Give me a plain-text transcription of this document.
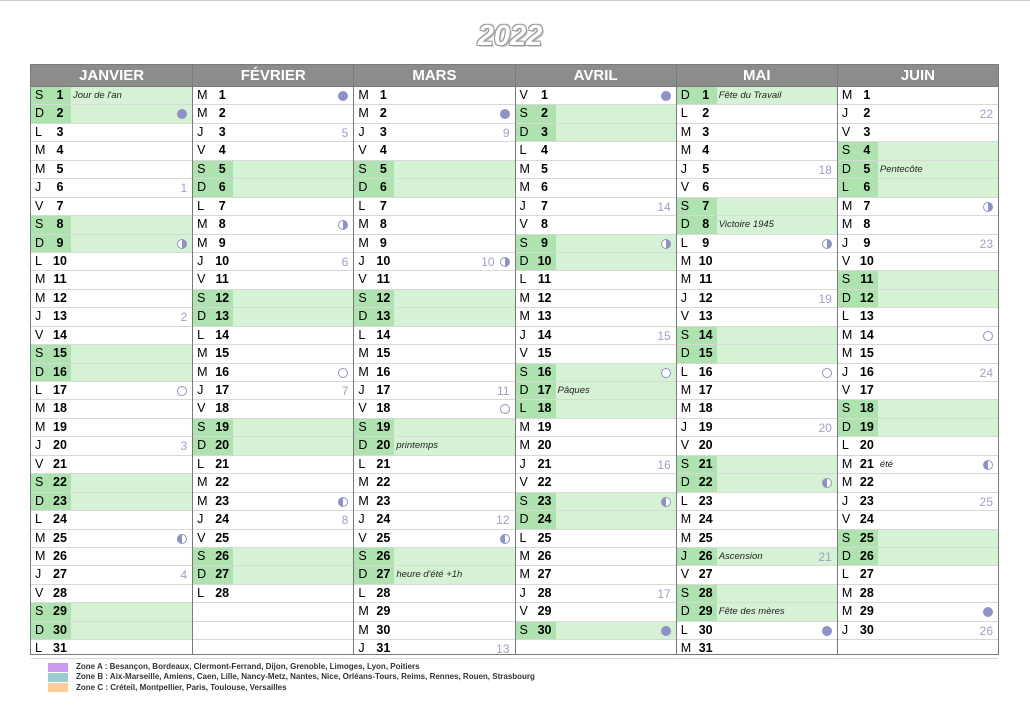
2022
JANVIER
S	1	Jour de l'an
D 2
L	3
M 4
M 5
J	6	1
V	7
S	8
D 9
L 10
M 11
M 12
J 13	2
V 14
S 15
D 16
L 17
M 18
M 19
J 20	3
V 21
S 22
D 23
L 24
M 25
M 26
J 27	4
V 28
S 29
D 30
L 31
FÉVRIER
M 1
M 2
J	3	5
V	4
S	5
D 6
L	7
M 8
M 9
J 10	6
V 11
S 12
D 13
L 14
M 15
M 16
J 17	7
V 18
S 19
D 20
L 21
M 22
M 23
J 24	8
V 25
S 26
D 27
L 28
MARS
M 1
M 2
J	3	9
V	4
S	5
D 6
L	7
M 8
M 9
J 10	10
V 11
S 12
D 13
L 14
M 15
M 16
J 17	11
V 18
S 19
D 20 printemps
L 21
M 22
M 23
J 24	12
V 25
S 26
D 27 heure d'été +1h
L 28
M 29
M 30
J 31	13
AVRIL
V	1
S	2
D 3
L	4
M 5
M 6
J	7	14
V	8
S	9
D 10
L 11
M 12
M 13
J 14	15
V 15
S 16
D 17 Pâques
L 18
M 19
M 20
J 21	16
V 22
S 23
D 24
L 25
M 26
M 27
J 28	17
V 29
S 30
MAI
D 1	Fête du Travail
L	2
M 3
M 4
J	5	18
V	6
S	7
D 8	Victoire 1945
L	9
M 10
M 11
J 12	19
V 13
S 14
D 15
L 16
M 17
M 18
J 19	20
V 20
S 21
D 22
L 23
M 24
M 25
J 26 Ascension	21
V 27
S 28
D 29 Fête des mères
L 30
M 31
JUIN
M 1
J	2	22
V	3
S	4
D 5	Pentecôte
L	6
M 7
M 8
J	9	23
V 10
S 11
D 12
L 13
M 14
M 15
J 16	24
V 17
S 18
D 19
L 20
M 21 été
M 22
J 23	25
V 24
S 25
D 26
L 27
M 28
M 29
J 30	26
Zone A : Besançon, Bordeaux, Clermont-Ferrand, Dijon, Grenoble, Limoges, Lyon, Poitiers
Zone B : Aix-Marseille, Amiens, Caen, Lille, Nancy-Metz, Nantes, Nice, Orléans-Tours, Reims, Rennes, Rouen, Strasbourg
Zone C : Créteil, Montpellier, Paris, Toulouse, Versailles
